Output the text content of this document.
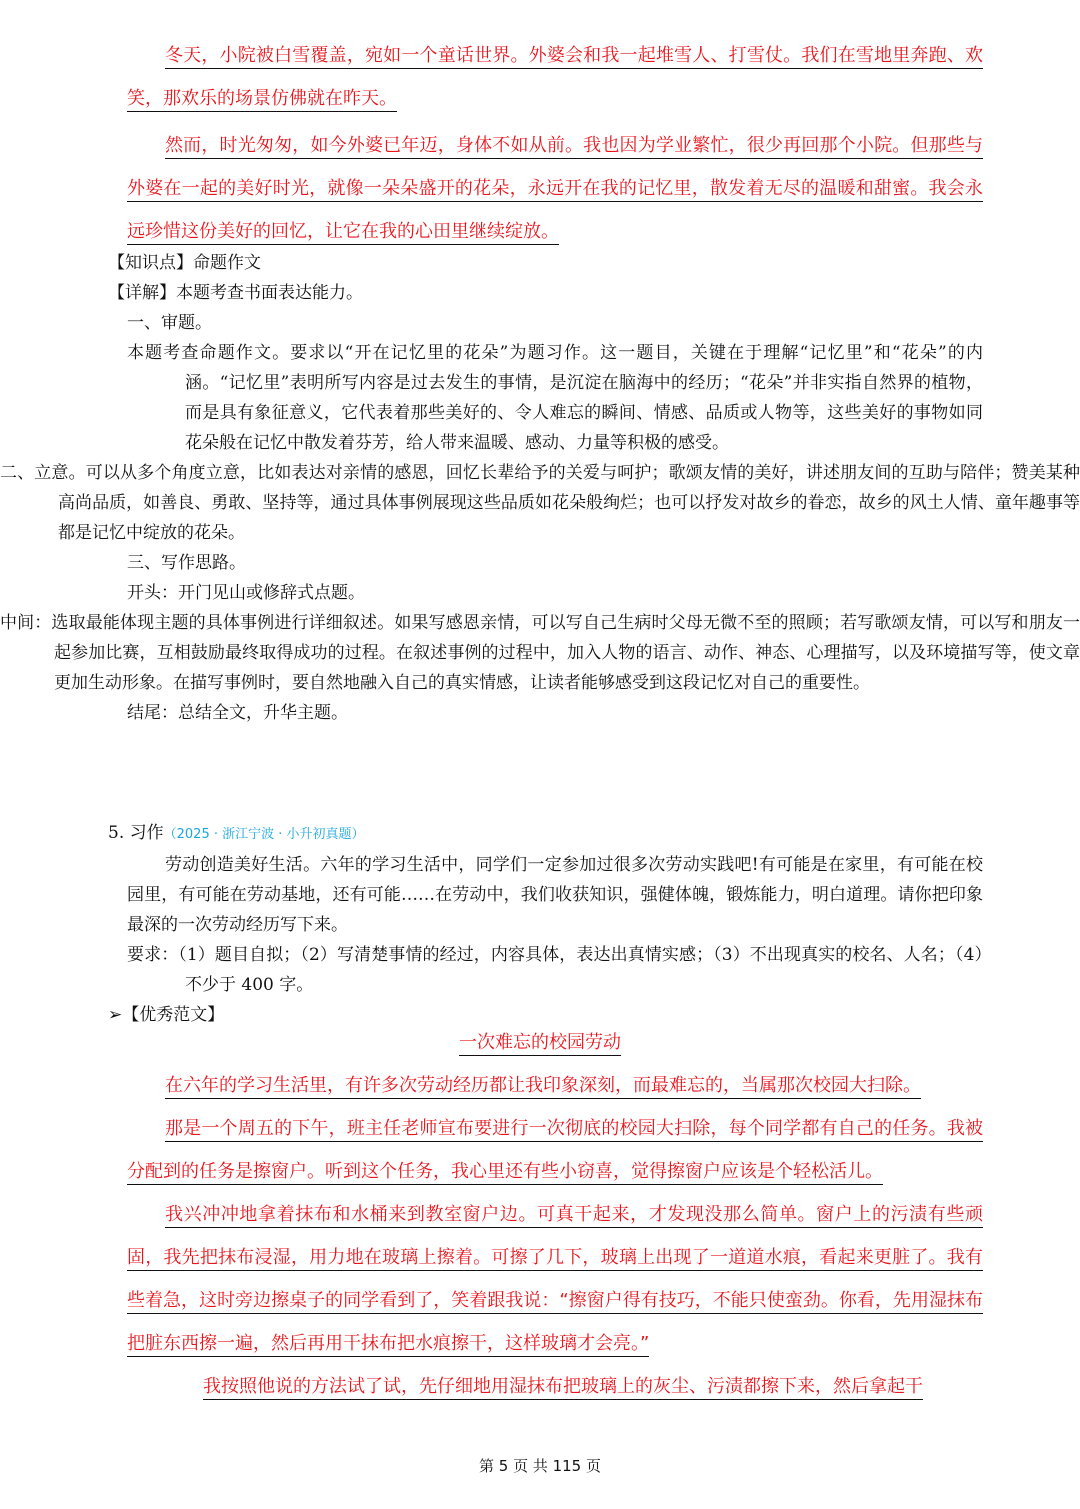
冬天，小院被白雪覆盖，宛如一个童话世界。外婆会和我一起堆雪人、打雪仗。我们在雪地里奔跑、欢笑，那欢乐的场景仿佛就在昨天。

然而，时光匆匆，如今外婆已年迈，身体不如从前。我也因为学业繁忙，很少再回那个小院。但那些与外婆在一起的美好时光，就像一朵朵盛开的花朵，永远开在我的记忆里，散发着无尽的温暖和甜蜜。我会永远珍惜这份美好的回忆，让它在我的心田里继续绽放。

【知识点】命题作文

【详解】本题考查书面表达能力。

一、审题。

本题考查命题作文。要求以“开在记忆里的花朵”为题习作。这一题目，关键在于理解“记忆里”和“花朵”的内涵。“记忆里”表明所写内容是过去发生的事情，是沉淀在脑海中的经历；“花朵”并非实指自然界的植物，而是具有象征意义，它代表着那些美好的、令人难忘的瞬间、情感、品质或人物等，这些美好的事物如同花朵般在记忆中散发着芬芳，给人带来温暖、感动、力量等积极的感受。

二、立意。可以从多个角度立意，比如表达对亲情的感恩，回忆长辈给予的关爱与呵护；歌颂友情的美好，讲述朋友间的互助与陪伴；赞美某种高尚品质，如善良、勇敢、坚持等，通过具体事例展现这些品质如花朵般绚烂；也可以抒发对故乡的眷恋，故乡的风土人情、童年趣事等都是记忆中绽放的花朵。

三、写作思路。

开头：开门见山或修辞式点题。

中间：选取最能体现主题的具体事例进行详细叙述。如果写感恩亲情，可以写自己生病时父母无微不至的照顾；若写歌颂友情，可以写和朋友一起参加比赛，互相鼓励最终取得成功的过程。在叙述事例的过程中，加入人物的语言、动作、神态、心理描写，以及环境描写等，使文章更加生动形象。在描写事例时，要自然地融入自己的真实情感，让读者能够感受到这段记忆对自己的重要性。

结尾：总结全文，升华主题。

5. 习作（2025 · 浙江宁波 · 小升初真题）

劳动创造美好生活。六年的学习生活中，同学们一定参加过很多次劳动实践吧!有可能是在家里，有可能在校园里，有可能在劳动基地，还有可能……在劳动中，我们收获知识，强健体魄，锻炼能力，明白道理。请你把印象最深的一次劳动经历写下来。

要求：（1）题目自拟；（2）写清楚事情的经过，内容具体，表达出真情实感；（3）不出现真实的校名、人名；（4）不少于 400 字。

➢【优秀范文】

一次难忘的校园劳动

在六年的学习生活里，有许多次劳动经历都让我印象深刻，而最难忘的，当属那次校园大扫除。

那是一个周五的下午，班主任老师宣布要进行一次彻底的校园大扫除，每个同学都有自己的任务。我被分配到的任务是擦窗户。听到这个任务，我心里还有些小窃喜，觉得擦窗户应该是个轻松活儿。

我兴冲冲地拿着抹布和水桶来到教室窗户边。可真干起来，才发现没那么简单。窗户上的污渍有些顽固，我先把抹布浸湿，用力地在玻璃上擦着。可擦了几下，玻璃上出现了一道道水痕，看起来更脏了。我有些着急，这时旁边擦桌子的同学看到了，笑着跟我说：“擦窗户得有技巧，不能只使蛮劲。你看，先用湿抹布把脏东西擦一遍，然后再用干抹布把水痕擦干，这样玻璃才会亮。”

我按照他说的方法试了试，先仔细地用湿抹布把玻璃上的灰尘、污渍都擦下来，然后拿起干

第 5 页 共 115 页
